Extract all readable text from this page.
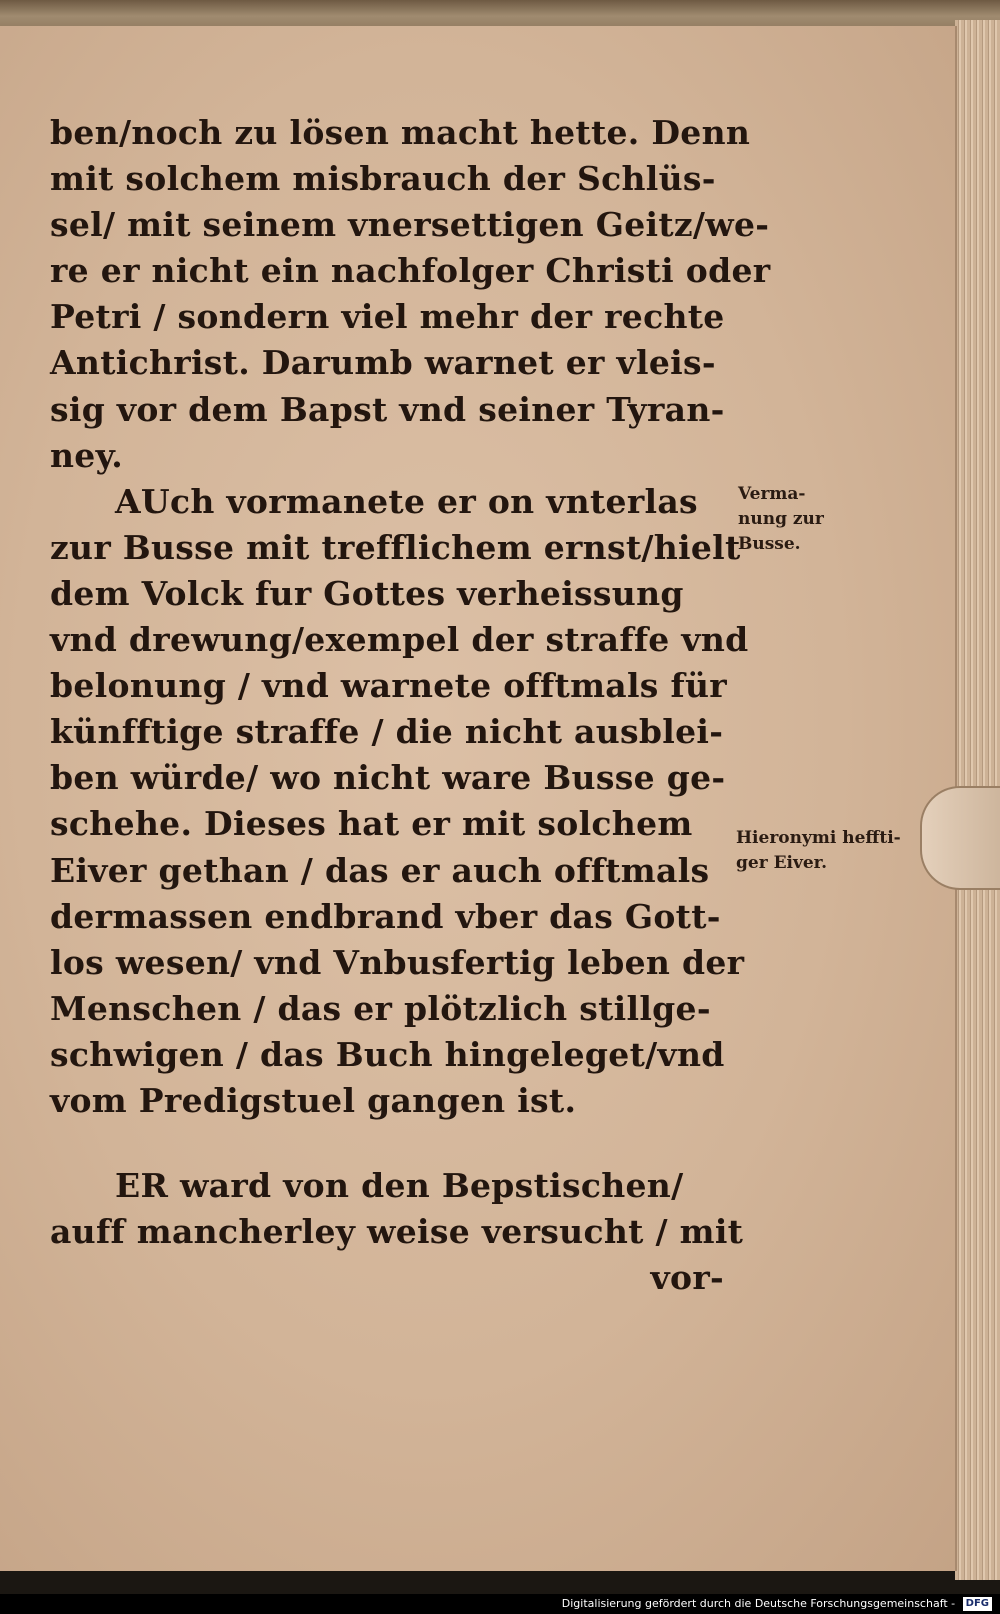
ben/noch zu lösen macht hette. Denn
mit solchem misbrauch der Schlüs-
sel/ mit seinem vnersettigen Geitz/we-
re er nicht ein nachfolger Christi oder
Petri / sondern viel mehr der rechte
Antichrist. Darumb warnet er vleis-
sig vor dem Bapst vnd seiner Tyran-
ney.
AUch vormanete er on vnterlas
zur Busse mit trefflichem ernst/hielt
dem Volck fur Gottes verheissung
vnd drewung/exempel der straffe vnd
belonung / vnd warnete offtmals für
künfftige straffe / die nicht ausblei-
ben würde/ wo nicht ware Busse ge-
schehe. Dieses hat er mit solchem
Eiver gethan / das er auch offtmals
dermassen endbrand vber das Gott-
los wesen/ vnd Vnbusfertig leben der
Menschen / das er plötzlich stillge-
schwigen / das Buch hingeleget/vnd
vom Predigstuel gangen ist.
ER ward von den Bepstischen/
auff mancherley weise versucht / mit
vor-
Verma-
nung zur
Busse.
Hieronymi heffti-
ger Eiver.
Digitalisierung gefördert durch die Deutsche Forschungsgemeinschaft - DFG
